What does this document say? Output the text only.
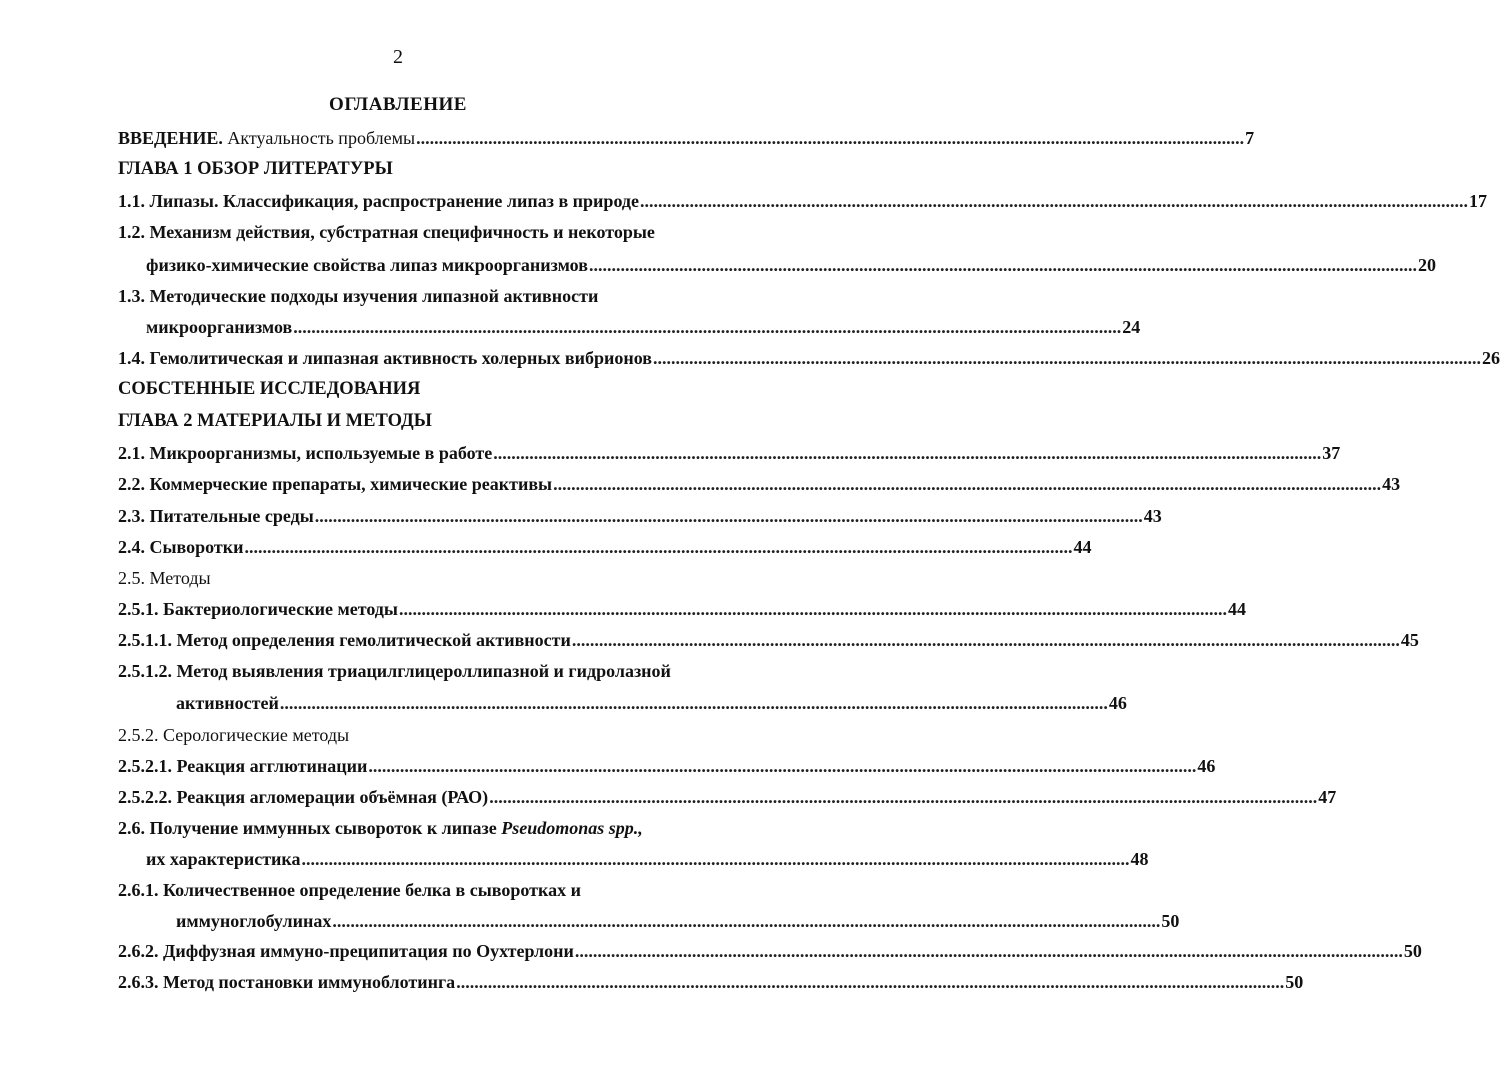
2
ОГЛАВЛЕНИЕ
ВВЕДЕНИЕ. Актуальность проблемы ........................................................................................................................................................................................ 7
ГЛАВА 1 ОБЗОР ЛИТЕРАТУРЫ
1.1. Липазы. Классификация, распространение липаз в природе ........................................................................................................................................................................................ 17
1.2. Механизм действия, субстратная специфичность и некоторые
физико-химические свойства липаз микроорганизмов ........................................................................................................................................................................................ 20
1.3. Методические подходы изучения липазной активности
микроорганизмов ........................................................................................................................................................................................ 24
1.4. Гемолитическая и липазная активность холерных вибрионов ........................................................................................................................................................................................ 26
СОБСТЕННЫЕ ИССЛЕДОВАНИЯ
ГЛАВА 2 МАТЕРИАЛЫ И МЕТОДЫ
2.1. Микроорганизмы, используемые в работе ........................................................................................................................................................................................ 37
2.2. Коммерческие препараты, химические реактивы ........................................................................................................................................................................................ 43
2.3. Питательные среды ........................................................................................................................................................................................ 43
2.4. Сыворотки ........................................................................................................................................................................................ 44
2.5. Методы
2.5.1. Бактериологические методы ........................................................................................................................................................................................ 44
2.5.1.1. Метод определения гемолитической активности ........................................................................................................................................................................................ 45
2.5.1.2. Метод выявления триацилглицероллипазной и гидролазной
активностей ........................................................................................................................................................................................ 46
2.5.2. Серологические методы
2.5.2.1. Реакция агглютинации ........................................................................................................................................................................................ 46
2.5.2.2. Реакция агломерации объёмная (РАО) ........................................................................................................................................................................................ 47
2.6. Получение иммунных сывороток к липазе Pseudomonas spp.,
их характеристика ........................................................................................................................................................................................ 48
2.6.1. Количественное определение белка в сыворотках и
иммуноглобулинах ........................................................................................................................................................................................ 50
2.6.2. Диффузная иммуно-преципитация по Оухтерлони ........................................................................................................................................................................................ 50
2.6.3. Метод постановки иммуноблотинга ........................................................................................................................................................................................ 50
